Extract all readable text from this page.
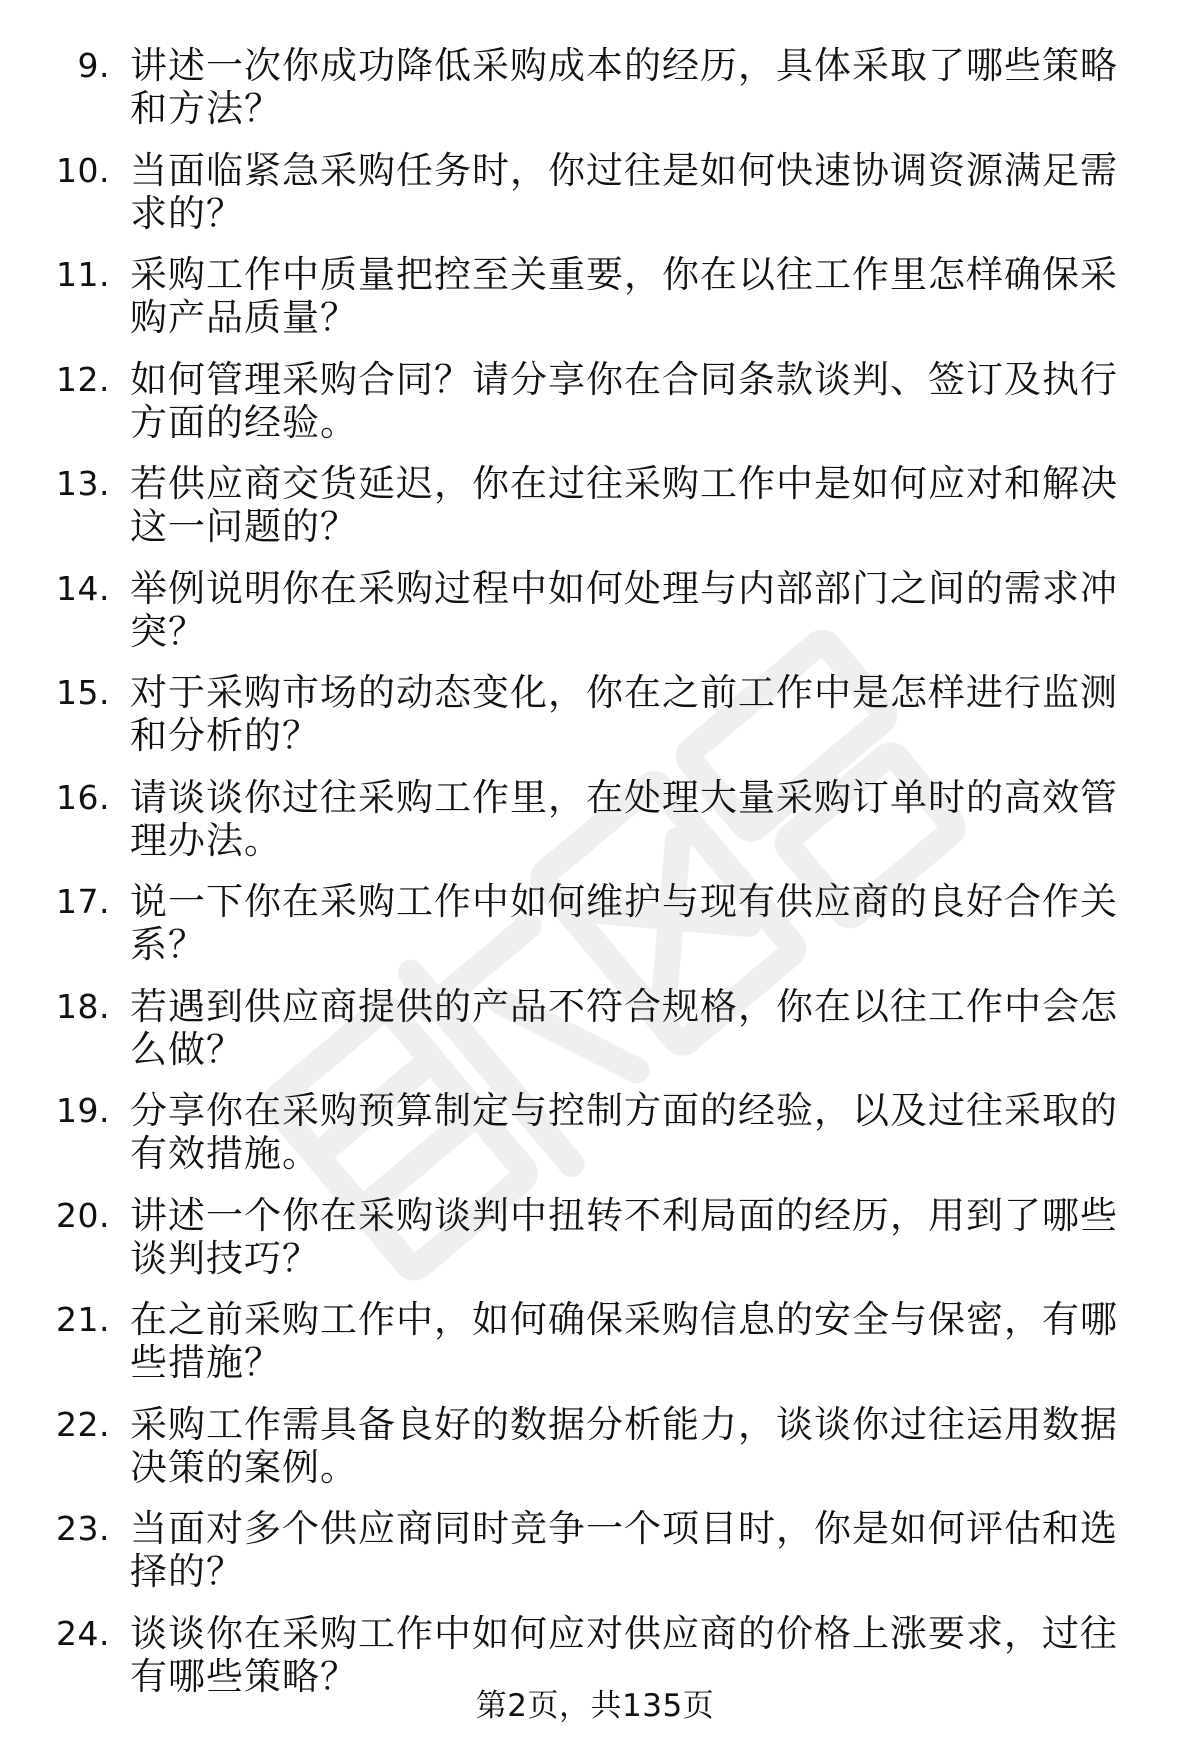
9. 讲述一次你成功降低采购成本的经历，具体采取了哪些策略和方法？
10. 当面临紧急采购任务时，你过往是如何快速协调资源满足需求的？
11. 采购工作中质量把控至关重要，你在以往工作里怎样确保采购产品质量？
12. 如何管理采购合同？请分享你在合同条款谈判、签订及执行方面的经验。
13. 若供应商交货延迟，你在过往采购工作中是如何应对和解决这一问题的？
14. 举例说明你在采购过程中如何处理与内部部门之间的需求冲突？
15. 对于采购市场的动态变化，你在之前工作中是怎样进行监测和分析的？
16. 请谈谈你过往采购工作里，在处理大量采购订单时的高效管理办法。
17. 说一下你在采购工作中如何维护与现有供应商的良好合作关系？
18. 若遇到供应商提供的产品不符合规格，你在以往工作中会怎么做？
19. 分享你在采购预算制定与控制方面的经验，以及过往采取的有效措施。
20. 讲述一个你在采购谈判中扭转不利局面的经历，用到了哪些谈判技巧？
21. 在之前采购工作中，如何确保采购信息的安全与保密，有哪些措施？
22. 采购工作需具备良好的数据分析能力，谈谈你过往运用数据决策的案例。
23. 当面对多个供应商同时竞争一个项目时，你是如何评估和选择的？
24. 谈谈你在采购工作中如何应对供应商的价格上涨要求，过往有哪些策略？
第2页，共135页
